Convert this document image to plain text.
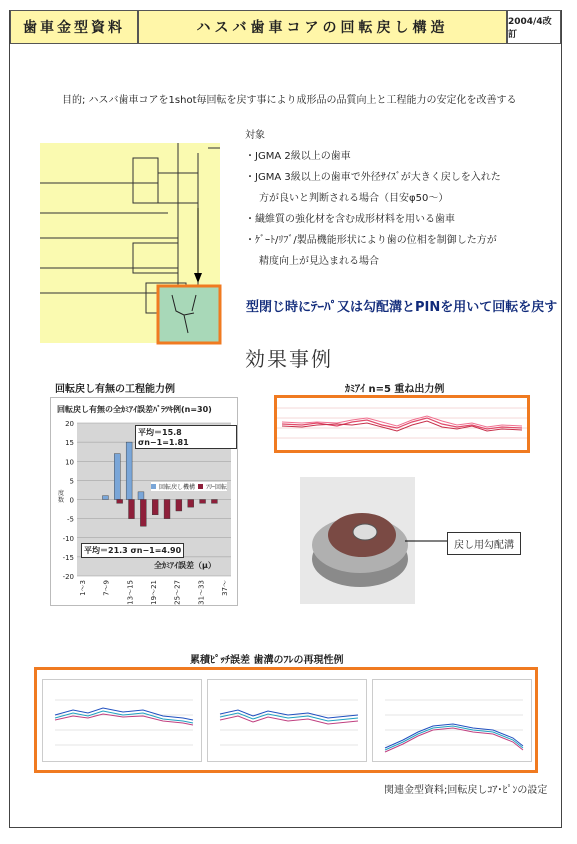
歯車金型資料	ハスバ歯車コアの回転戻し構造	2004/4改訂
目的; ハスバ歯車コアを1shot毎回転を戻す事により成形品の品質向上と工程能力の安定化を改善する
対象
・JGMA 2級以上の歯車
・JGMA 3級以上の歯車で外径ｻｲｽﾞが大きく戻しを入れた
方が良いと判断される場合（目安φ50〜）
・繊維質の強化材を含む成形材料を用いる歯車
・ｹﾞｰﾄ/ﾘﾌﾞ/製品機能形状により歯の位相を制御した方が
精度向上が見込まれる場合
型閉じ時にﾃｰﾊﾟ又は勾配溝とPINを用いて回転を戻す
効果事例
回転戻し有無の工程能力例
回転戻し有無の全ｶﾐｱｲ誤差ﾊﾞﾗﾂｷ例(n=30)
20
15
10
5
0
-5
-10
-15
-20
1〜3 7〜9 13〜15 19〜21 25〜27 31〜33 37〜
平均＝15.8 σn−1=1.81
平均＝21.3 σn−1=4.90
回転戻し機構 ﾌﾘｰ回転
度数
全ｶﾐｱｲ誤差（μ）
ｶﾐｱｲ n=5 重ね出力例
戻し用勾配溝
累積ﾋﾟｯﾁ誤差 歯溝のﾌﾚの再現性例
関連金型資料;回転戻しｺｱ･ﾋﾟﾝの設定
